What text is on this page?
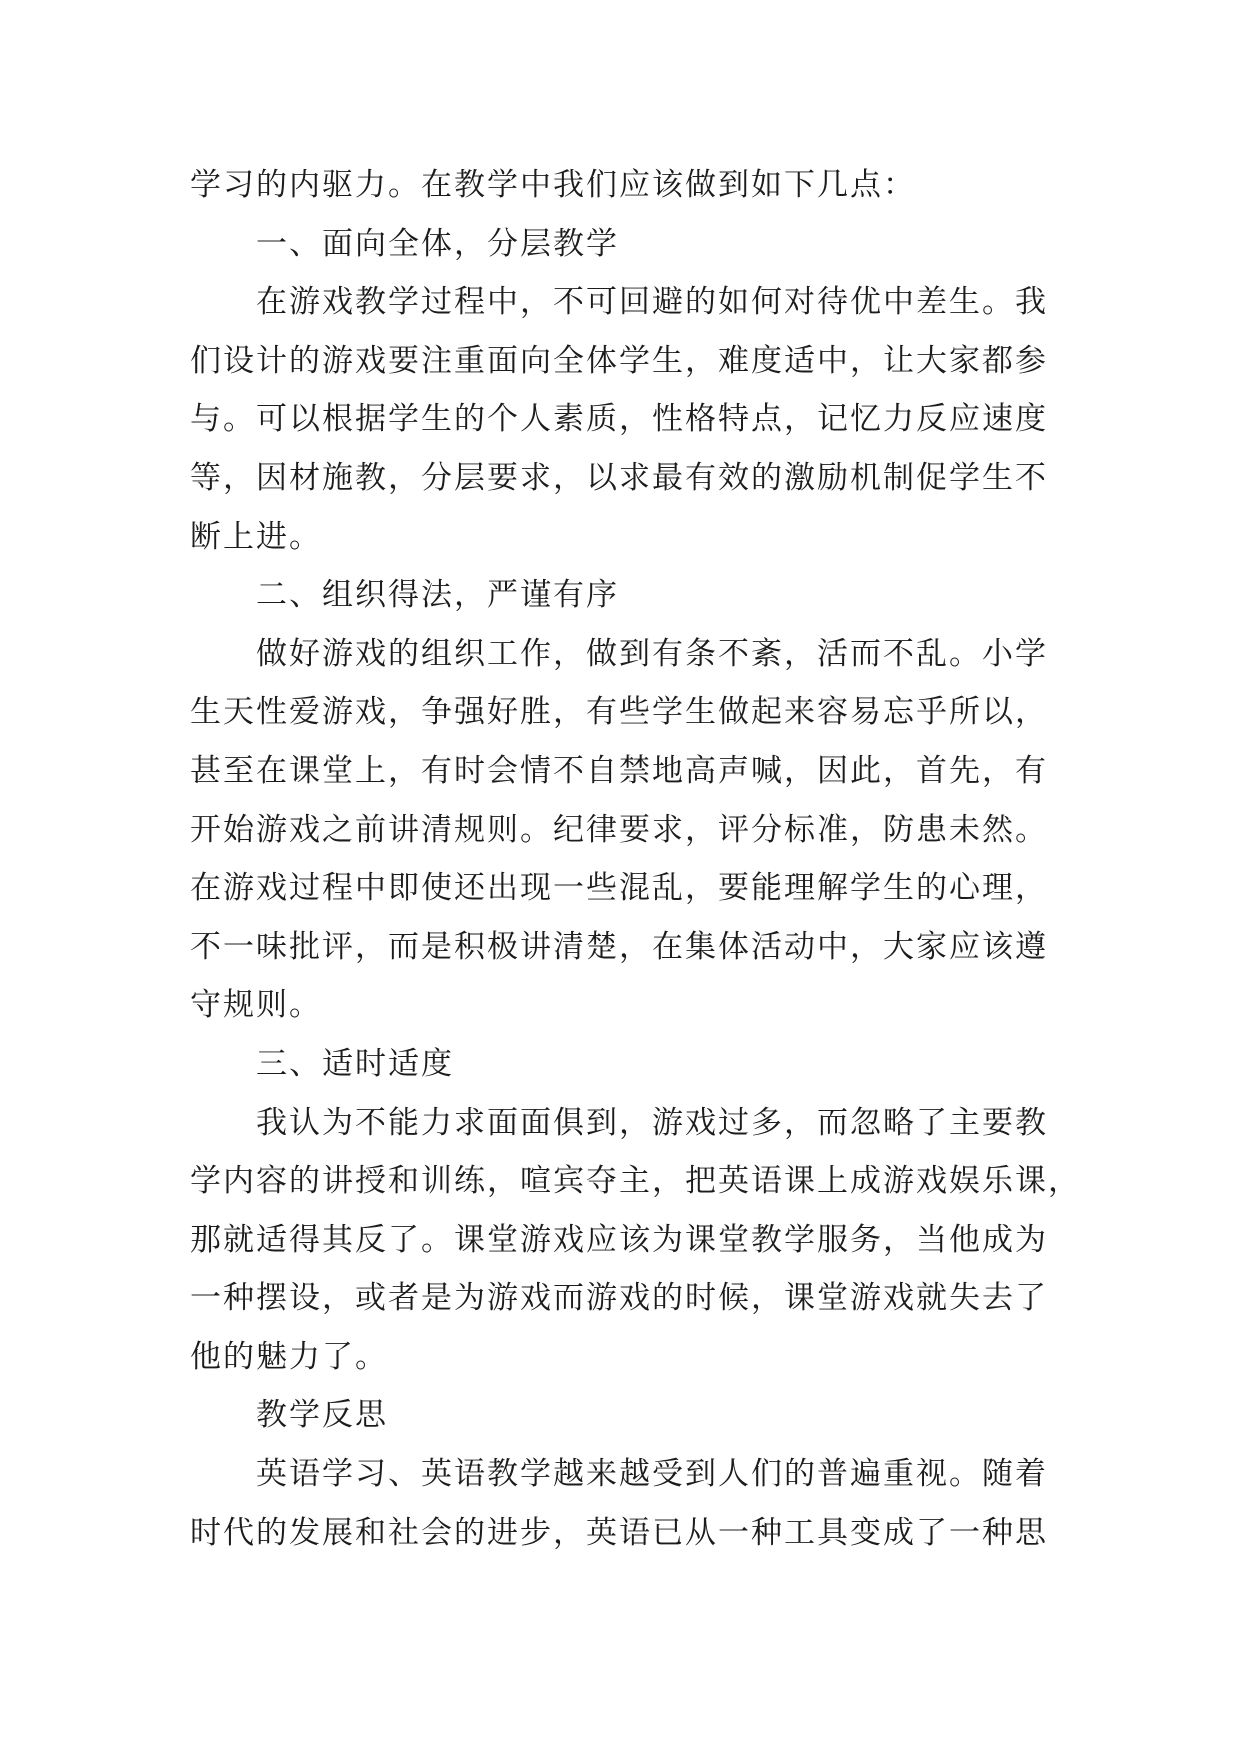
学习的内驱力。在教学中我们应该做到如下几点：
一、面向全体，分层教学
在游戏教学过程中，不可回避的如何对待优中差生。我
们设计的游戏要注重面向全体学生，难度适中，让大家都参
与。可以根据学生的个人素质，性格特点，记忆力反应速度
等，因材施教，分层要求，以求最有效的激励机制促学生不
断上进。
二、组织得法，严谨有序
做好游戏的组织工作，做到有条不紊，活而不乱。小学
生天性爱游戏，争强好胜，有些学生做起来容易忘乎所以，
甚至在课堂上，有时会情不自禁地高声喊，因此，首先，有
开始游戏之前讲清规则。纪律要求，评分标准，防患未然。
在游戏过程中即使还出现一些混乱，要能理解学生的心理，
不一味批评，而是积极讲清楚，在集体活动中，大家应该遵
守规则。
三、适时适度
我认为不能力求面面俱到，游戏过多，而忽略了主要教
学内容的讲授和训练，喧宾夺主，把英语课上成游戏娱乐课，
那就适得其反了。课堂游戏应该为课堂教学服务，当他成为
一种摆设，或者是为游戏而游戏的时候，课堂游戏就失去了
他的魅力了。
教学反思
英语学习、英语教学越来越受到人们的普遍重视。随着
时代的发展和社会的进步，英语已从一种工具变成了一种思
